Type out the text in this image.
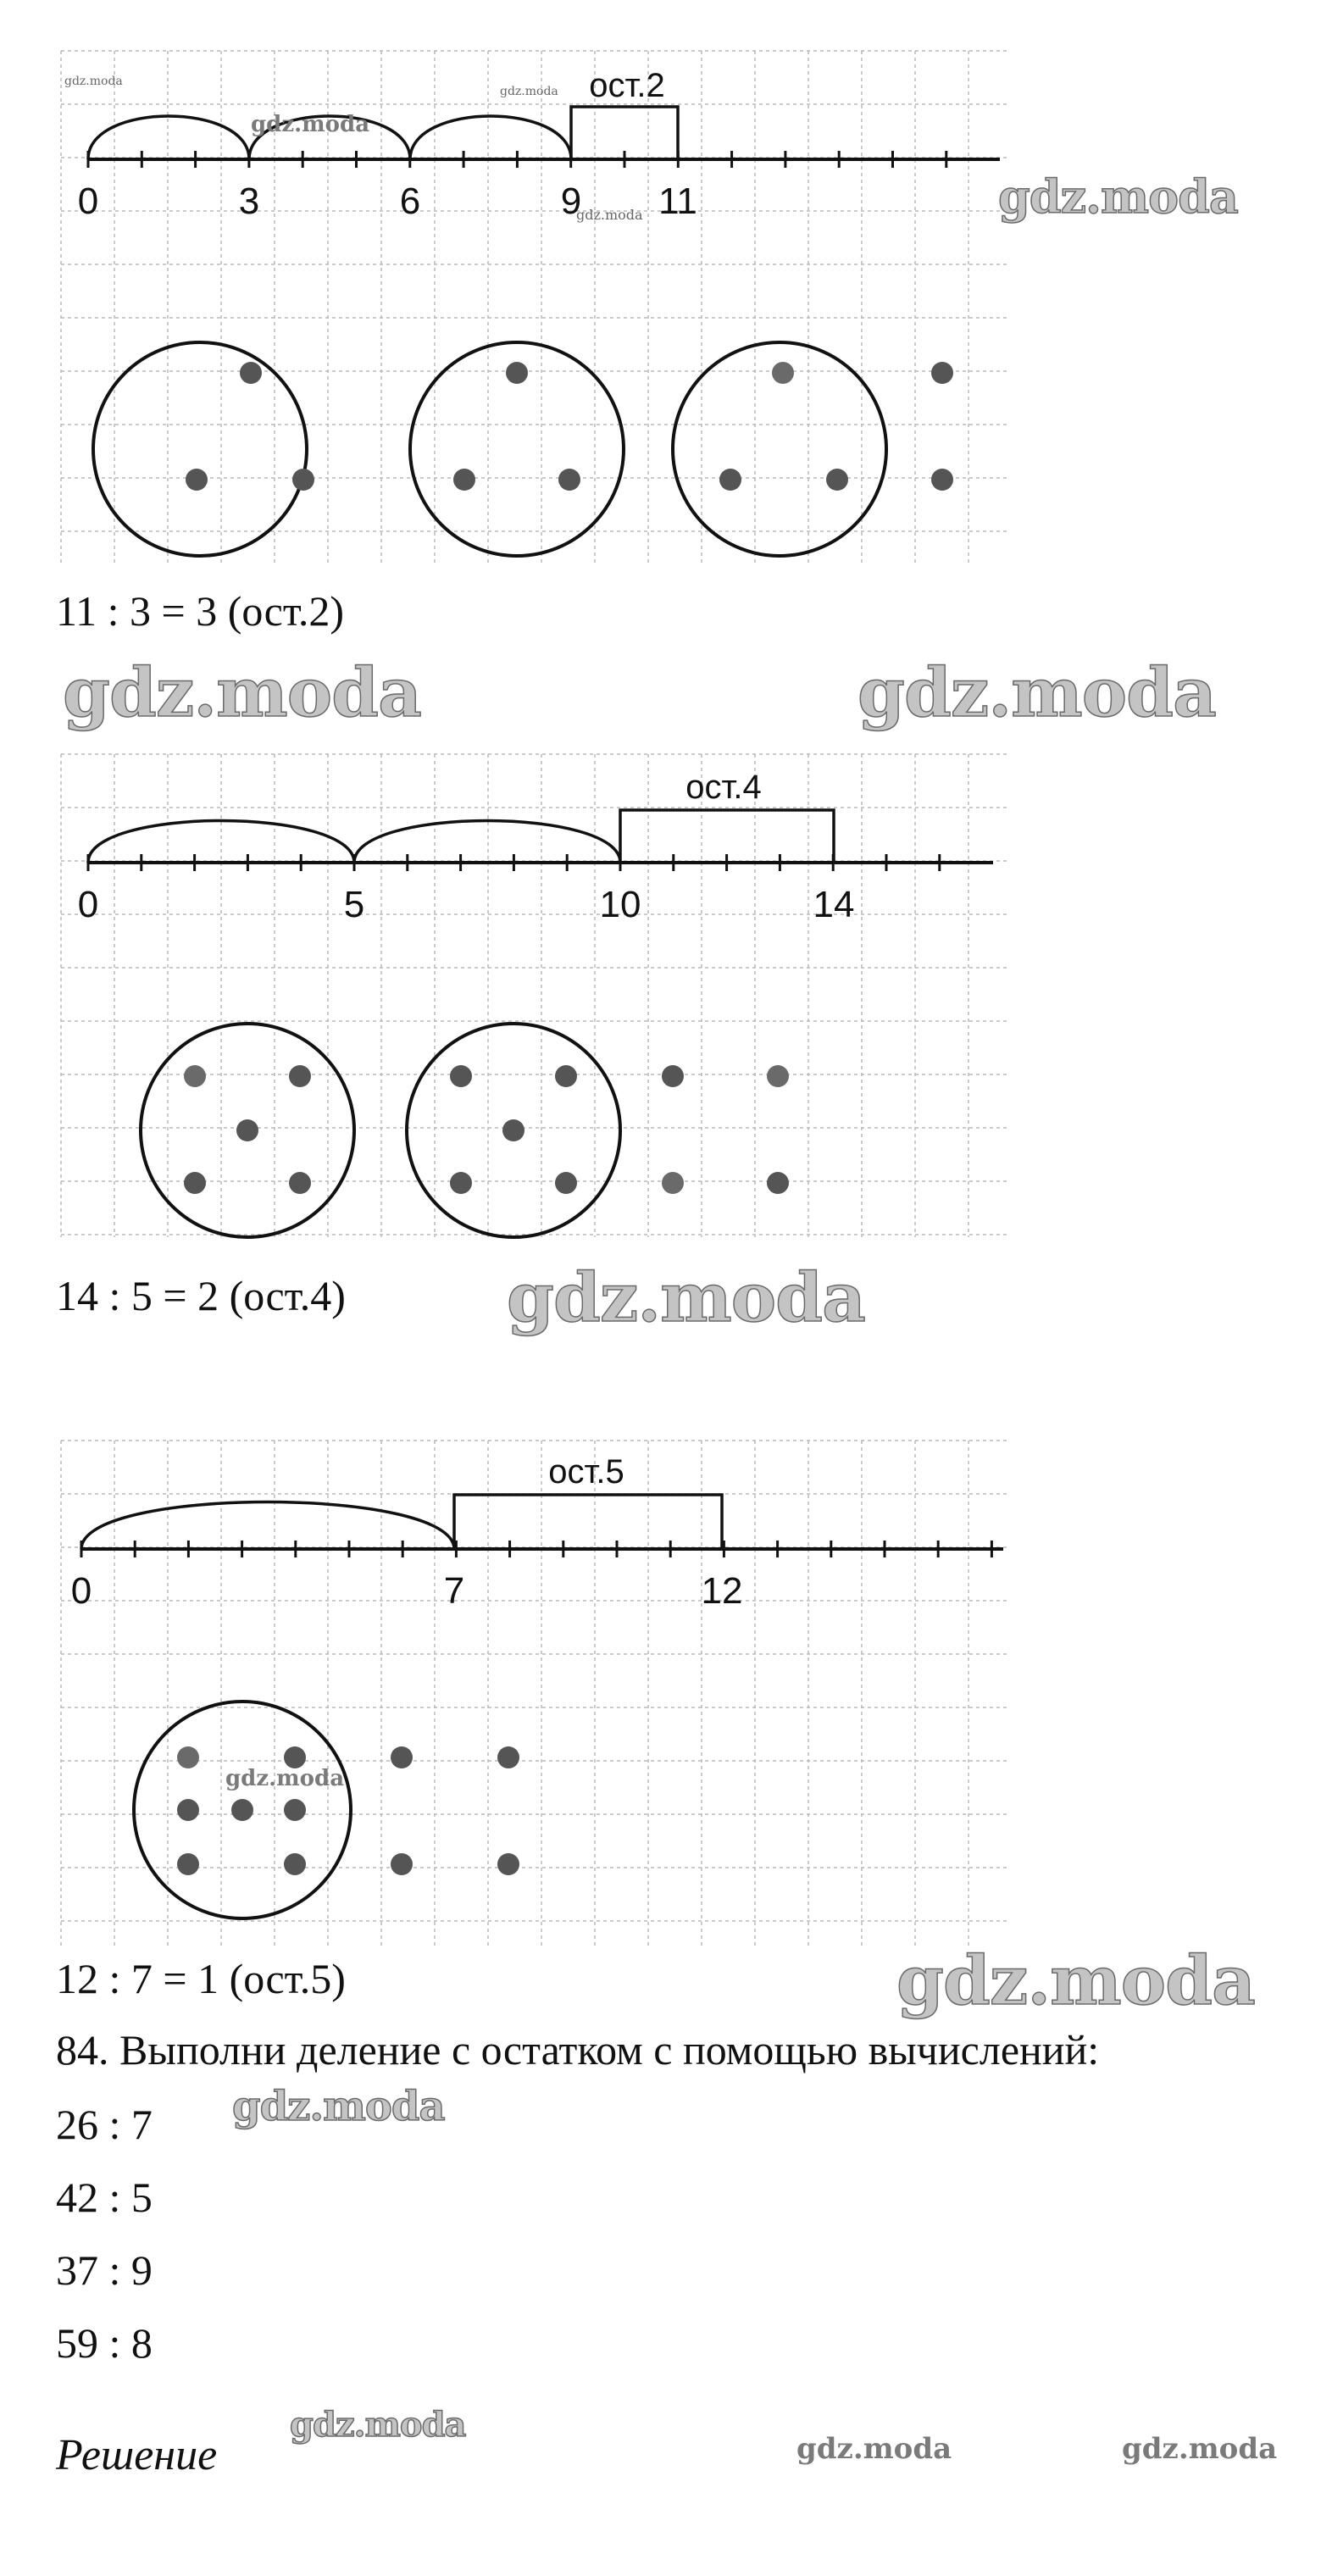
ост.2
0	3	6	9 11
11 : 3 = 3 (ост.2)
ост.4
0	5	10	14
14 : 5 = 2 (ост.4)
ост.5
0	7	12
12 : 7 = 1 (ост.5)
84. Выполни деление с остатком с помощью вычислений:
26 : 7
42 : 5
37 : 9
59 : 8
Решение
gdz.moda
gdz.moda	gdz.moda
gdz.moda
gdz.moda
gdz.moda
gdz.moda
gdz.moda
gdz.moda
gdz.moda	gdz.moda
gdz.moda
gdz.moda
gdz.moda
